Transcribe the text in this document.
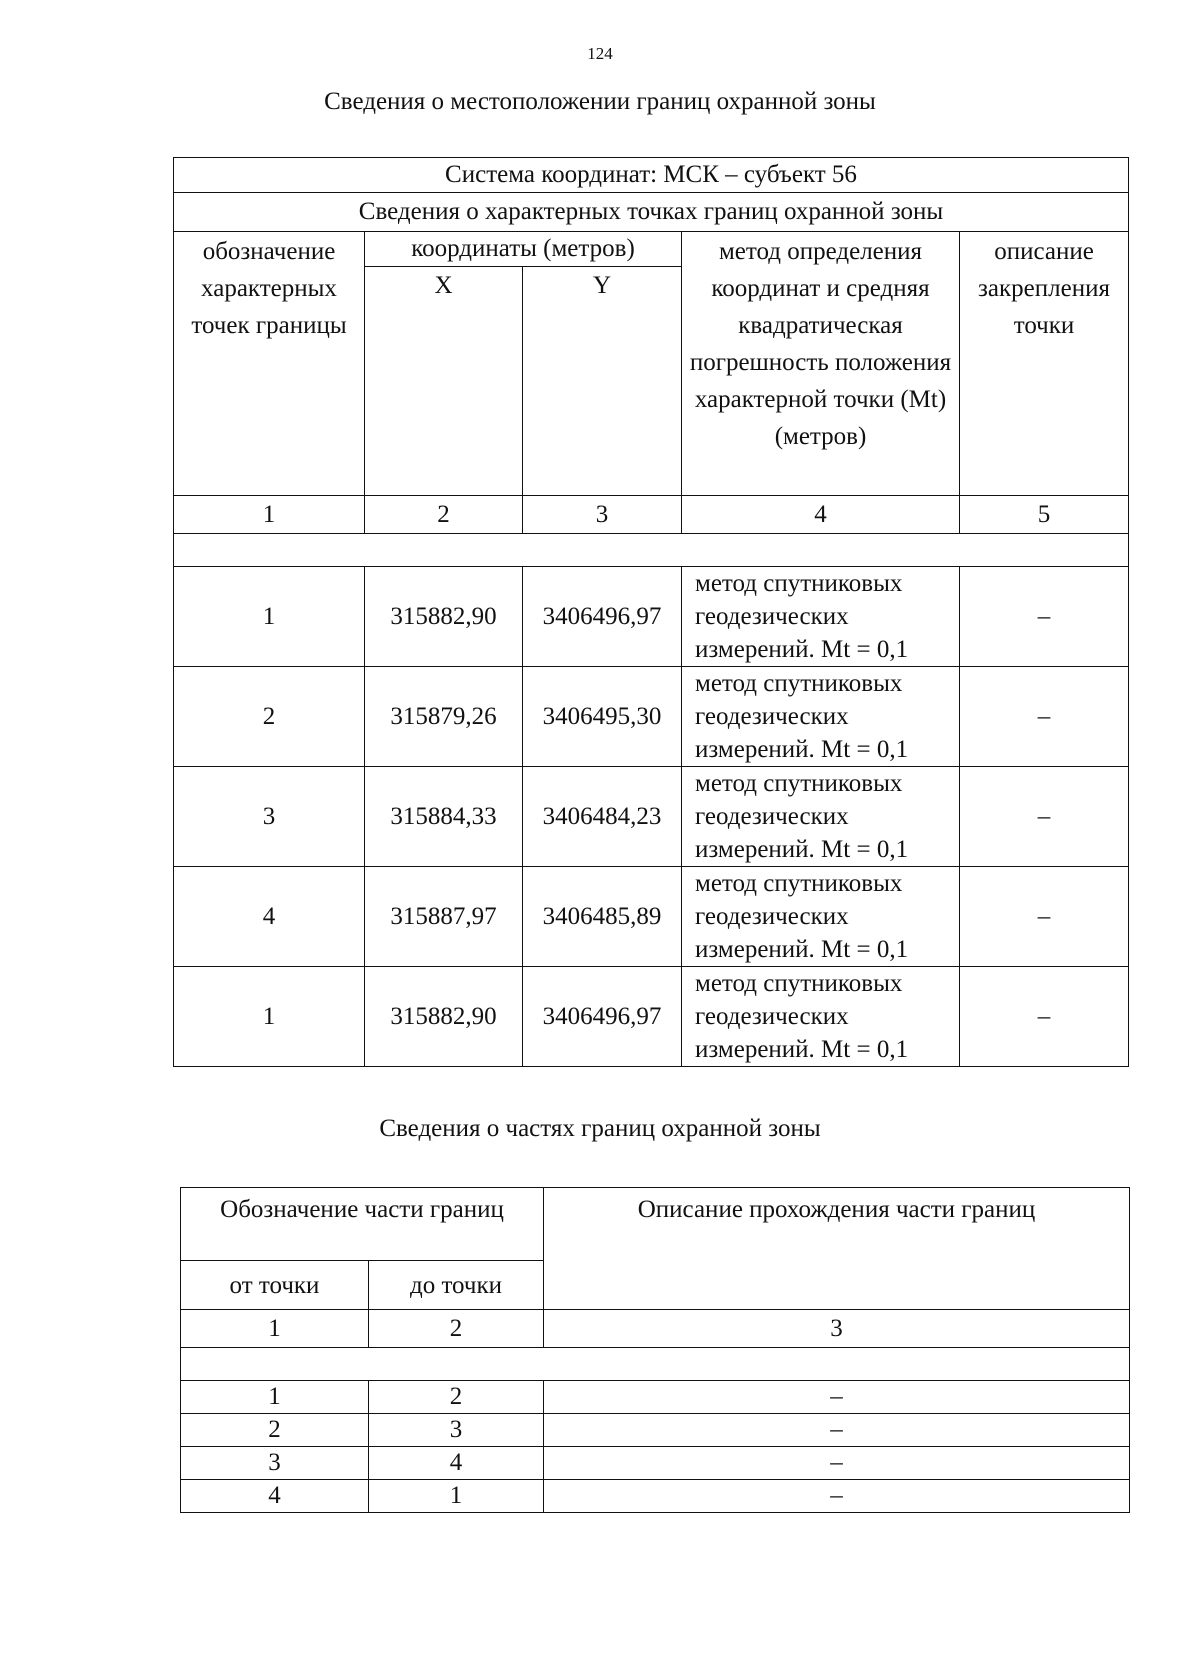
124
Сведения о местоположении границ охранной зоны
Система координат: МСК – субъект 56				
Сведения о характерных точках границ охранной зоны				
обозначение характерных точек границы	координаты (метров)		метод определения координат и средняя квадратическая погрешность положения характерной точки (Mt) (метров)	описание закрепления точки
	X	Y		
1	2	3	4	5

1	315882,90	3406496,97	метод спутниковых геодезических измерений. Mt = 0,1	–
2	315879,26	3406495,30	метод спутниковых геодезических измерений. Mt = 0,1	–
3	315884,33	3406484,23	метод спутниковых геодезических измерений. Mt = 0,1	–
4	315887,97	3406485,89	метод спутниковых геодезических измерений. Mt = 0,1	–
1	315882,90	3406496,97	метод спутниковых геодезических измерений. Mt = 0,1	–
Сведения о частях границ охранной зоны
Обозначение части границ		Описание прохождения части границ
от точки	до точки	
1	2	3

1	2	–
2	3	–
3	4	–
4	1	–
